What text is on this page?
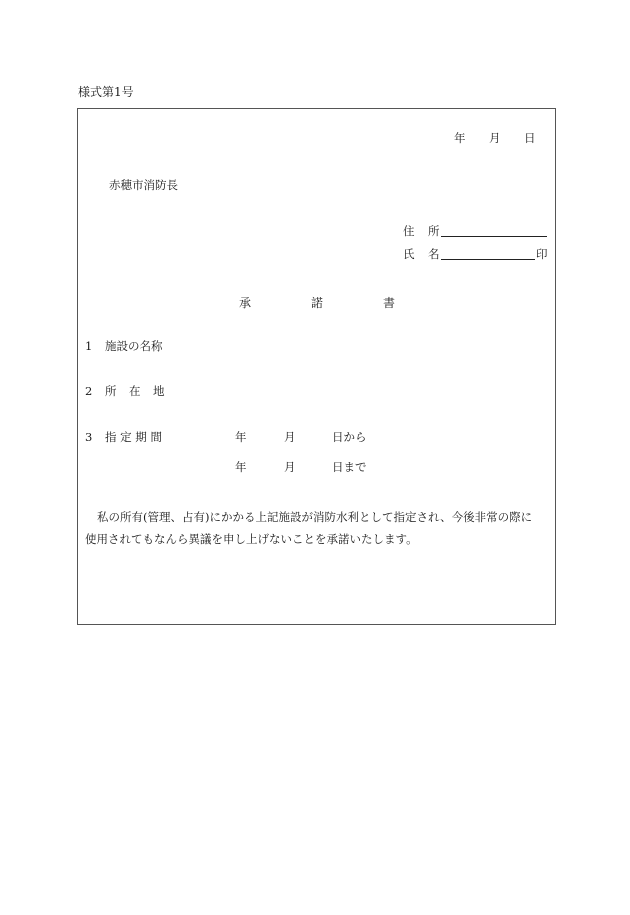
様式第1号
年 月 日
赤穂市消防長
住 所
氏 名	印
承	諾	書
1 施設の名称
2 所 在 地
3 指 定 期 間	年	月	日から
年	月	日まで

私の所有(管理、占有)にかかる上記施設が消防水利として指定され、今後非常の際に

使用されてもなんら異議を申し上げないことを承諾いたします。
